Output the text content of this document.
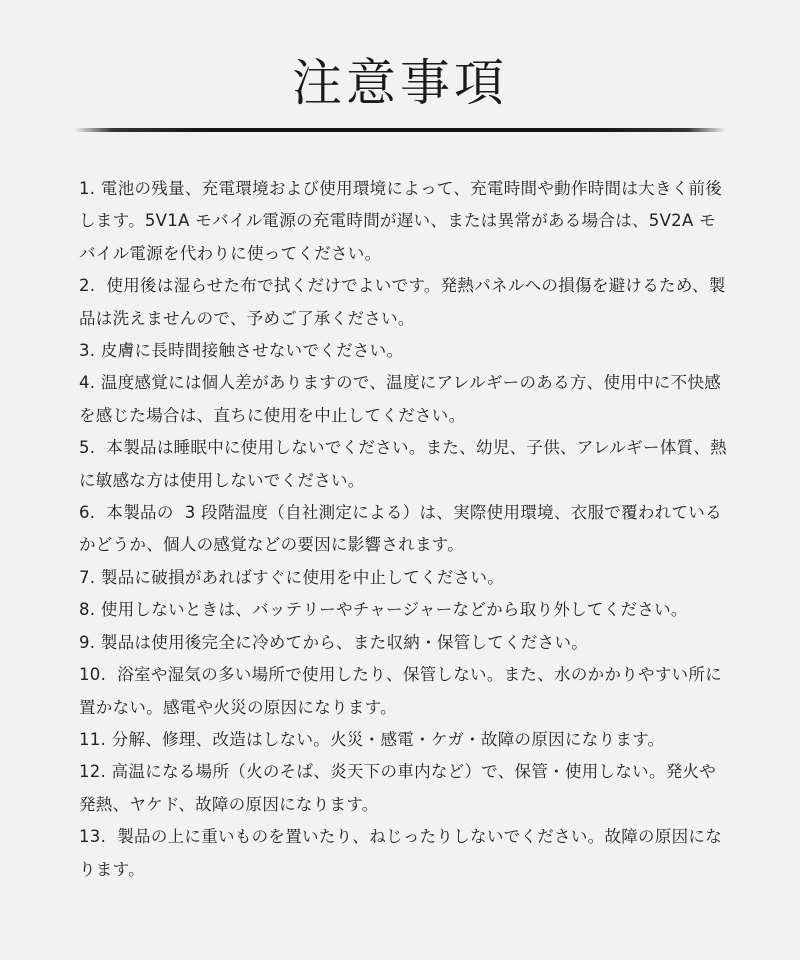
注意事項
1. 電池の残量、充電環境および使用環境によって、充電時間や動作時間は大きく前後します。5V1A モバイル電源の充電時間が遅い、または異常がある場合は、5V2A モバイル電源を代わりに使ってください。
2.  使用後は湿らせた布で拭くだけでよいです。発熱パネルへの損傷を避けるため、製品は洗えませんので、予めご了承ください。
3. 皮膚に長時間接触させないでください。
4. 温度感覚には個人差がありますので、温度にアレルギーのある方、使用中に不快感を感じた場合は、直ちに使用を中止してください。
5.  本製品は睡眠中に使用しないでください。また、幼児、子供、アレルギー体質、熱に敏感な方は使用しないでください。
6.  本製品の  3 段階温度（自社測定による）は、実際使用環境、衣服で覆われているかどうか、個人の感覚などの要因に影響されます。
7. 製品に破損があればすぐに使用を中止してください。
8. 使用しないときは、バッテリーやチャージャーなどから取り外してください。
9. 製品は使用後完全に冷めてから、また収納・保管してください。
10.  浴室や湿気の多い場所で使用したり、保管しない。また、水のかかりやすい所に置かない。感電や火災の原因になります。
11. 分解、修理、改造はしない。火災・感電・ケガ・故障の原因になります。
12. 高温になる場所（火のそば、炎天下の車内など）で、保管・使用しない。発火や発熱、ヤケド、故障の原因になります。
13.  製品の上に重いものを置いたり、ねじったりしないでください。故障の原因になります。
